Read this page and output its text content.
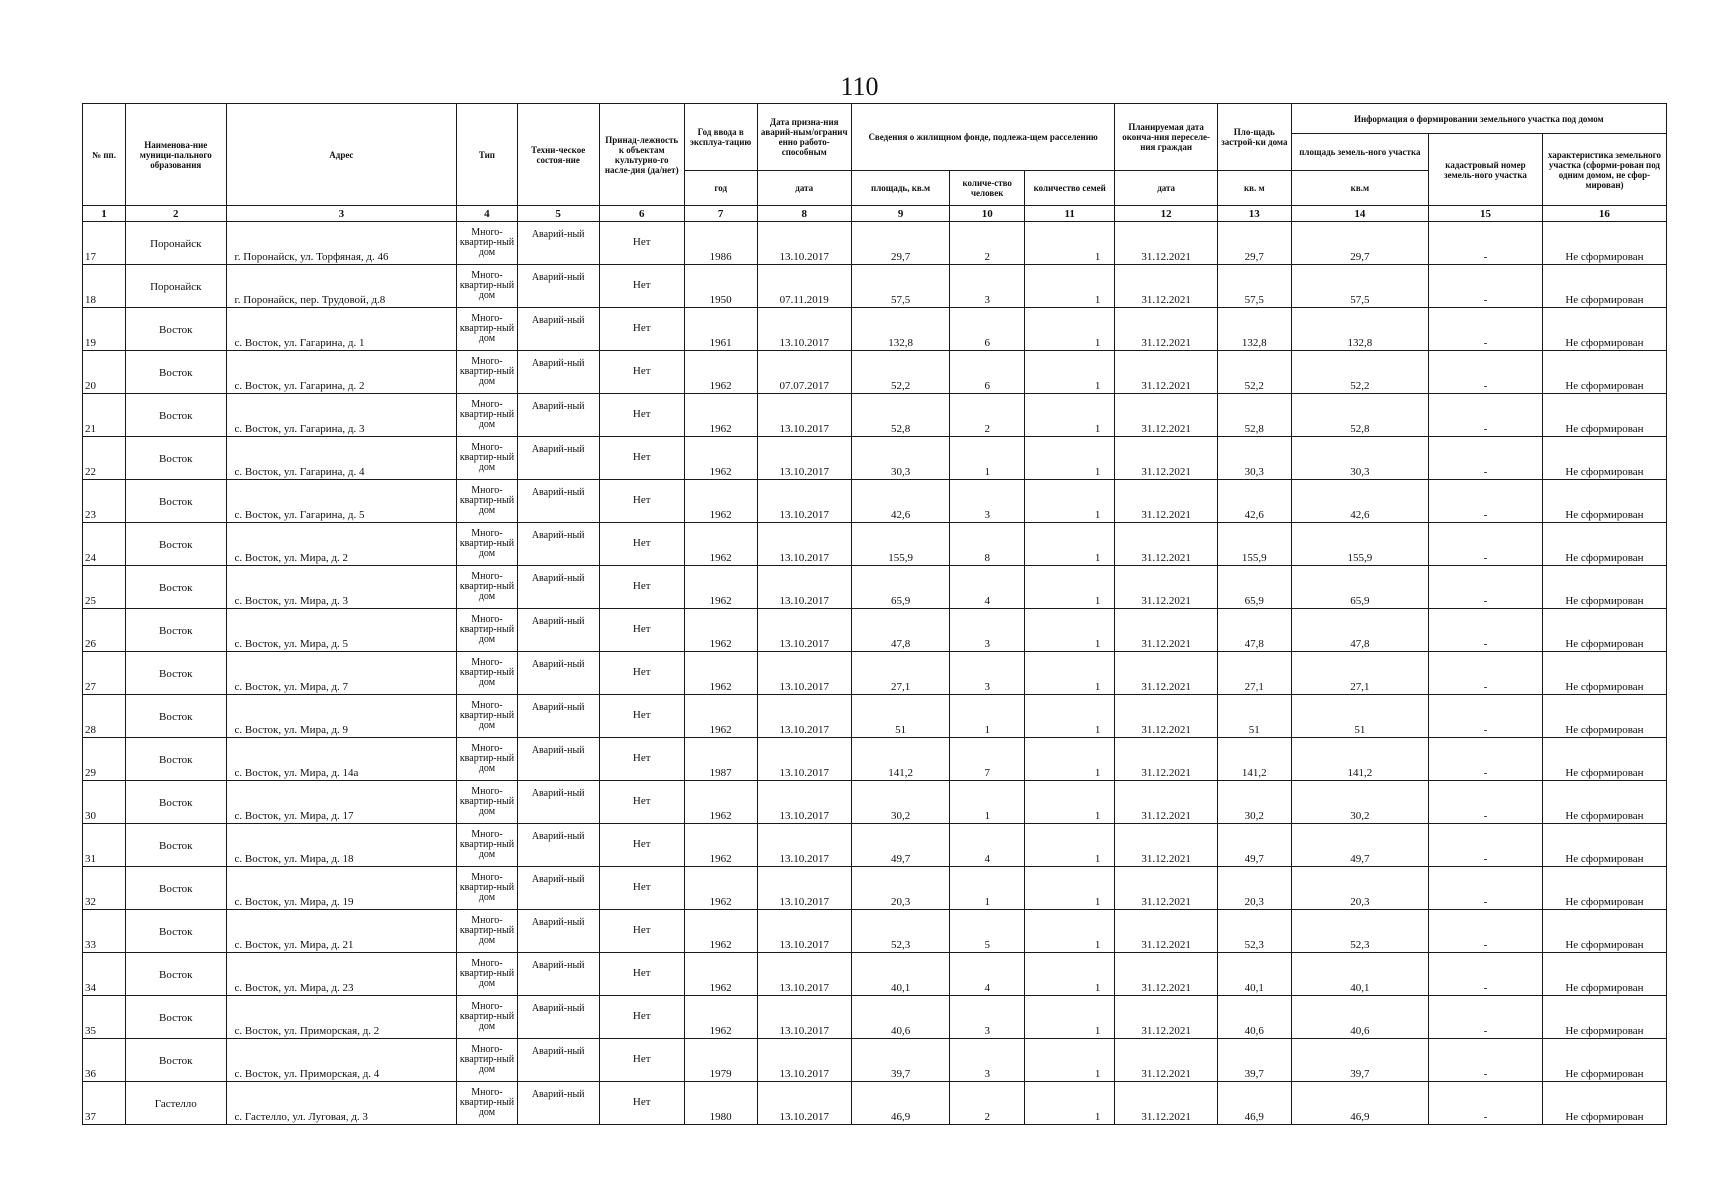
110
№ пп.	Наименова-ние муници-пального образования	Адрес	Тип	Техни-ческое состоя-ние	Принад-лежность к объектам культурно-го насле-дия (да/нет)	Год ввода в эксплуа-тацию	Дата призна-ния аварий-ным/огранич енно работо-способным	Сведения о жилищном фонде, подлежа-щем расселению			Планируемая дата оконча-ния переселе-ния граждан	Пло-щадь застрой-ки дома	Информация о формировании земельного участка под домом		
													площадь земель-ного участка	кадастровый номер земель-ного участка	характеристика земельного участка (сформи-рован под одним домом, не сфор-мирован)
						год	дата	площадь, кв.м	количе-ство человек	количество семей	дата	кв. м	кв.м		
1	2	3	4	5	6	7	8	9	10	11	12	13	14	15	16
17	Поронайск	г. Поронайск, ул. Торфяная, д. 46	Много-квартир-ный дом	Аварий-ный	Нет	1986	13.10.2017	29,7	2	1	31.12.2021	29,7	29,7	-	Не сформирован
18	Поронайск	г. Поронайск, пер. Трудовой, д.8	Много-квартир-ный дом	Аварий-ный	Нет	1950	07.11.2019	57,5	3	1	31.12.2021	57,5	57,5	-	Не сформирован
19	Восток	с. Восток, ул. Гагарина, д. 1	Много-квартир-ный дом	Аварий-ный	Нет	1961	13.10.2017	132,8	6	1	31.12.2021	132,8	132,8	-	Не сформирован
20	Восток	с. Восток, ул. Гагарина, д. 2	Много-квартир-ный дом	Аварий-ный	Нет	1962	07.07.2017	52,2	6	1	31.12.2021	52,2	52,2	-	Не сформирован
21	Восток	с. Восток, ул. Гагарина, д. 3	Много-квартир-ный дом	Аварий-ный	Нет	1962	13.10.2017	52,8	2	1	31.12.2021	52,8	52,8	-	Не сформирован
22	Восток	с. Восток, ул. Гагарина, д. 4	Много-квартир-ный дом	Аварий-ный	Нет	1962	13.10.2017	30,3	1	1	31.12.2021	30,3	30,3	-	Не сформирован
23	Восток	с. Восток, ул. Гагарина, д. 5	Много-квартир-ный дом	Аварий-ный	Нет	1962	13.10.2017	42,6	3	1	31.12.2021	42,6	42,6	-	Не сформирован
24	Восток	с. Восток, ул. Мира, д. 2	Много-квартир-ный дом	Аварий-ный	Нет	1962	13.10.2017	155,9	8	1	31.12.2021	155,9	155,9	-	Не сформирован
25	Восток	с. Восток, ул. Мира, д. 3	Много-квартир-ный дом	Аварий-ный	Нет	1962	13.10.2017	65,9	4	1	31.12.2021	65,9	65,9	-	Не сформирован
26	Восток	с. Восток, ул. Мира, д. 5	Много-квартир-ный дом	Аварий-ный	Нет	1962	13.10.2017	47,8	3	1	31.12.2021	47,8	47,8	-	Не сформирован
27	Восток	с. Восток, ул. Мира, д. 7	Много-квартир-ный дом	Аварий-ный	Нет	1962	13.10.2017	27,1	3	1	31.12.2021	27,1	27,1	-	Не сформирован
28	Восток	с. Восток, ул. Мира, д. 9	Много-квартир-ный дом	Аварий-ный	Нет	1962	13.10.2017	51	1	1	31.12.2021	51	51	-	Не сформирован
29	Восток	с. Восток, ул. Мира, д. 14а	Много-квартир-ный дом	Аварий-ный	Нет	1987	13.10.2017	141,2	7	1	31.12.2021	141,2	141,2	-	Не сформирован
30	Восток	с. Восток, ул. Мира, д. 17	Много-квартир-ный дом	Аварий-ный	Нет	1962	13.10.2017	30,2	1	1	31.12.2021	30,2	30,2	-	Не сформирован
31	Восток	с. Восток, ул. Мира, д. 18	Много-квартир-ный дом	Аварий-ный	Нет	1962	13.10.2017	49,7	4	1	31.12.2021	49,7	49,7	-	Не сформирован
32	Восток	с. Восток, ул. Мира, д. 19	Много-квартир-ный дом	Аварий-ный	Нет	1962	13.10.2017	20,3	1	1	31.12.2021	20,3	20,3	-	Не сформирован
33	Восток	с. Восток, ул. Мира, д. 21	Много-квартир-ный дом	Аварий-ный	Нет	1962	13.10.2017	52,3	5	1	31.12.2021	52,3	52,3	-	Не сформирован
34	Восток	с. Восток, ул. Мира, д. 23	Много-квартир-ный дом	Аварий-ный	Нет	1962	13.10.2017	40,1	4	1	31.12.2021	40,1	40,1	-	Не сформирован
35	Восток	с. Восток, ул. Приморская, д. 2	Много-квартир-ный дом	Аварий-ный	Нет	1962	13.10.2017	40,6	3	1	31.12.2021	40,6	40,6	-	Не сформирован
36	Восток	с. Восток, ул. Приморская, д. 4	Много-квартир-ный дом	Аварий-ный	Нет	1979	13.10.2017	39,7	3	1	31.12.2021	39,7	39,7	-	Не сформирован
37	Гастелло	с. Гастелло, ул. Луговая, д. 3	Много-квартир-ный дом	Аварий-ный	Нет	1980	13.10.2017	46,9	2	1	31.12.2021	46,9	46,9	-	Не сформирован
